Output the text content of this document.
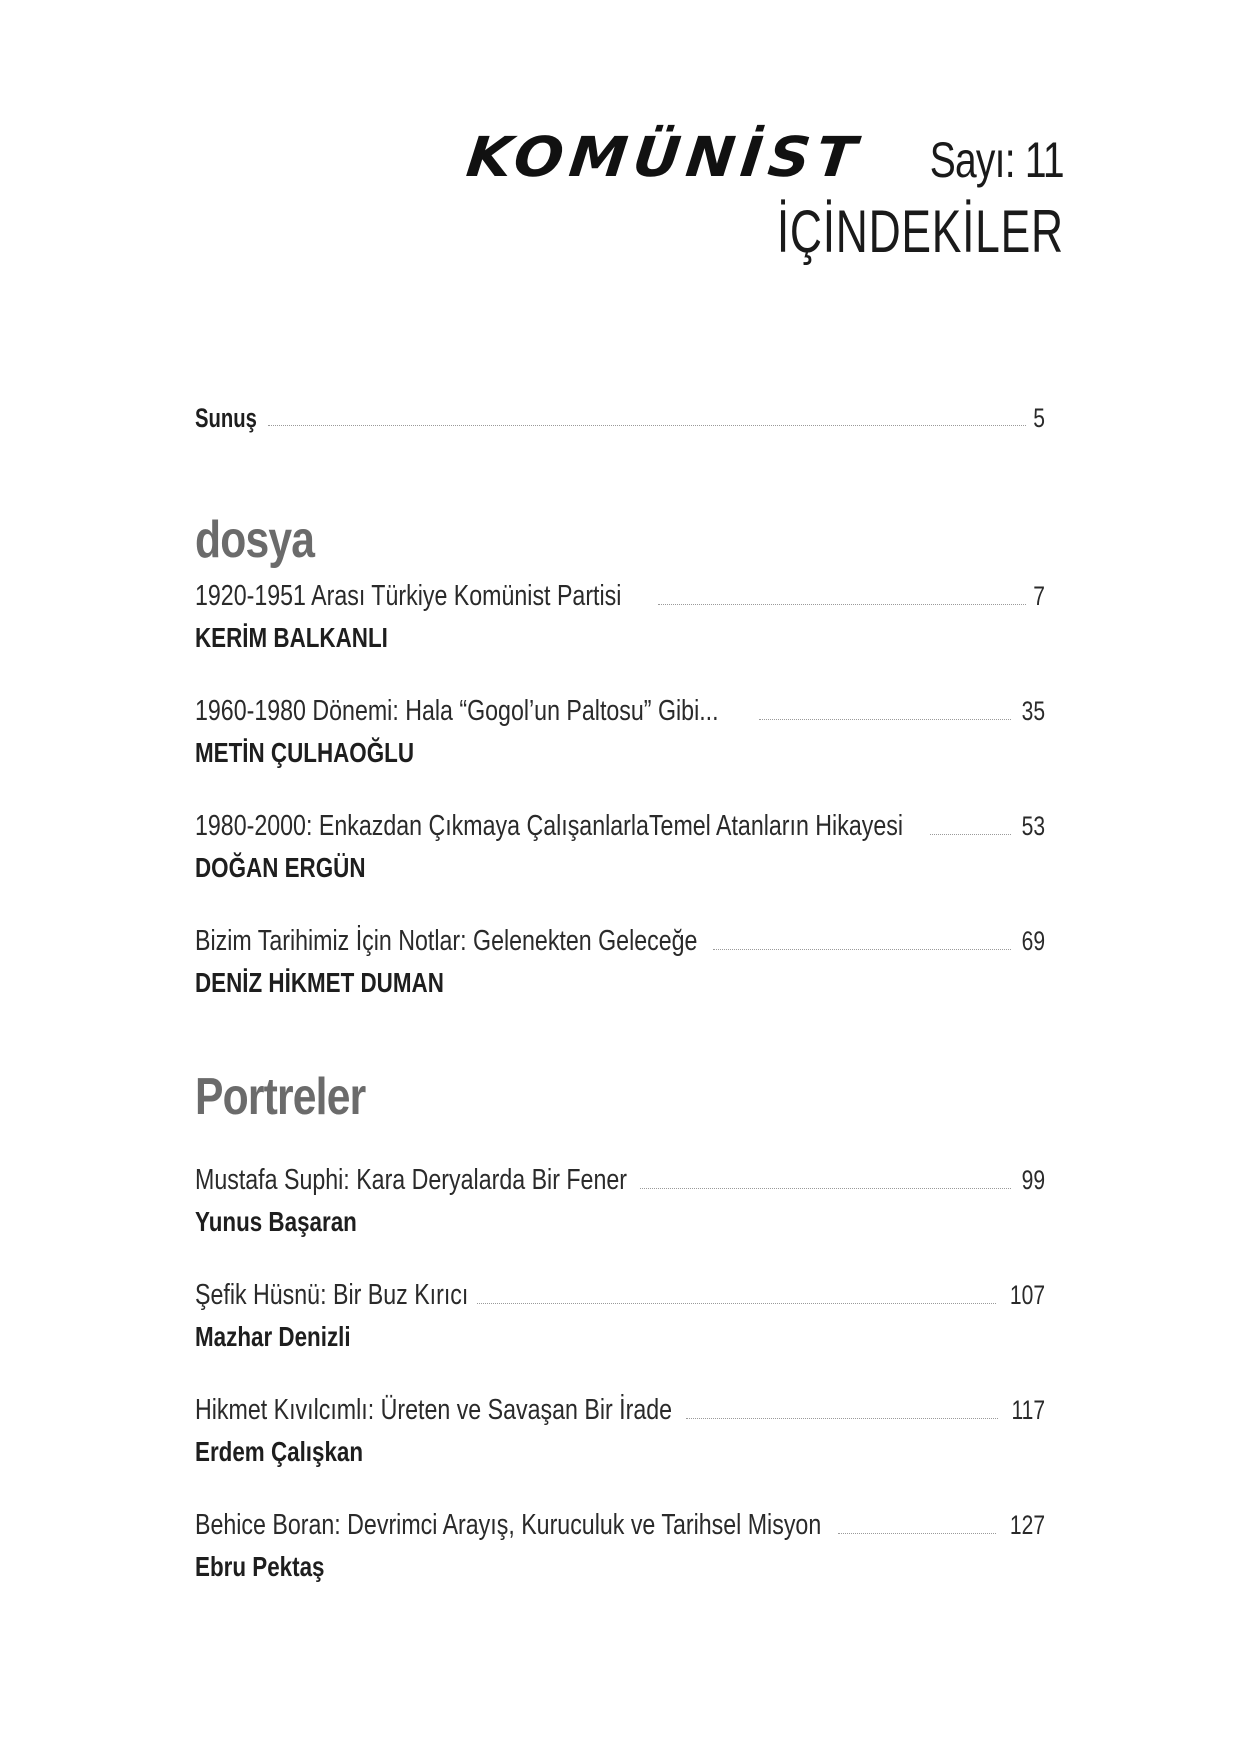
KOMÜNİST Sayı: 11
İÇİNDEKİLER
Sunuş	5
dosya
1920-1951 Arası Türkiye Komünist Partisi	7
KERİM BALKANLI
1960-1980 Dönemi: Hala “Gogol’un Paltosu” Gibi...	35
METİN ÇULHAOĞLU
1980-2000: Enkazdan Çıkmaya ÇalışanlarlaTemel Atanların Hikayesi	53
DOĞAN ERGÜN
Bizim Tarihimiz İçin Notlar: Gelenekten Geleceğe	69
DENİZ HİKMET DUMAN
Portreler
Mustafa Suphi: Kara Deryalarda Bir Fener	99
Yunus Başaran
Şefik Hüsnü: Bir Buz Kırıcı	107
Mazhar Denizli
Hikmet Kıvılcımlı: Üreten ve Savaşan Bir İrade	117
Erdem Çalışkan
Behice Boran: Devrimci Arayış, Kuruculuk ve Tarihsel Misyon	127
Ebru Pektaş
